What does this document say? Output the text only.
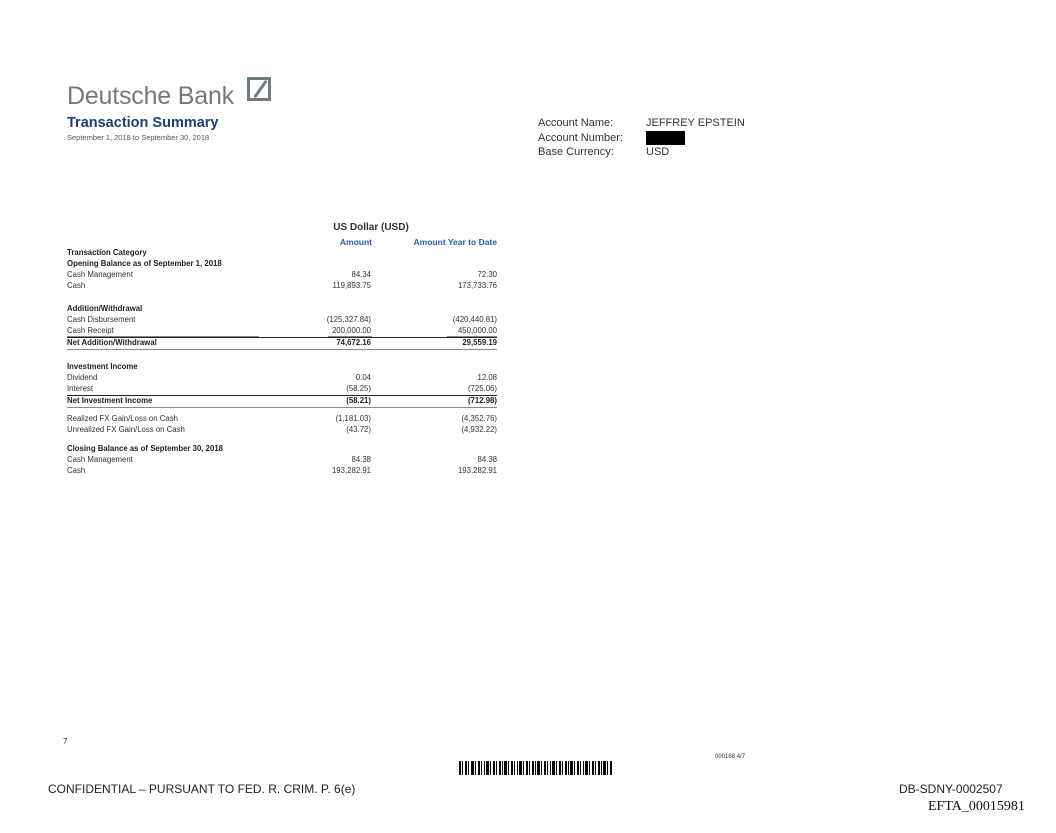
Deutsche Bank
Transaction Summary
September 1, 2018 to September 30, 2018
Account Name:	JEFFREY EPSTEIN
Account Number:
Base Currency:	USD
US Dollar (USD)
Amount	Amount Year to Date
Transaction Category
Opening Balance as of September 1, 2018
Cash Management	84.34	72.30
Cash	119,893.75	173,733.76
Addition/Withdrawal
Cash Disbursement	(125,327.84)	(420,440.81)
Cash Receipt	200,000.00	450,000.00
Net Addition/Withdrawal	74,672.16	29,559.19
Investment Income
Dividend	0.04	12.08
Interest	(58.25)	(725.06)
Net Investment Income	(58.21)	(712.98)
Realized FX Gain/Loss on Cash	(1,181.03)	(4,352.76)
Unrealized FX Gain/Loss on Cash	(43.72)	(4,932.22)
Closing Balance as of September 30, 2018
Cash Management	84.38	84.38
Cash	193,282.91	193,282.91
7
000168 4/7
CONFIDENTIAL – PURSUANT TO FED. R. CRIM. P. 6(e)	DB-SDNY-0002507
EFTA_00015981
